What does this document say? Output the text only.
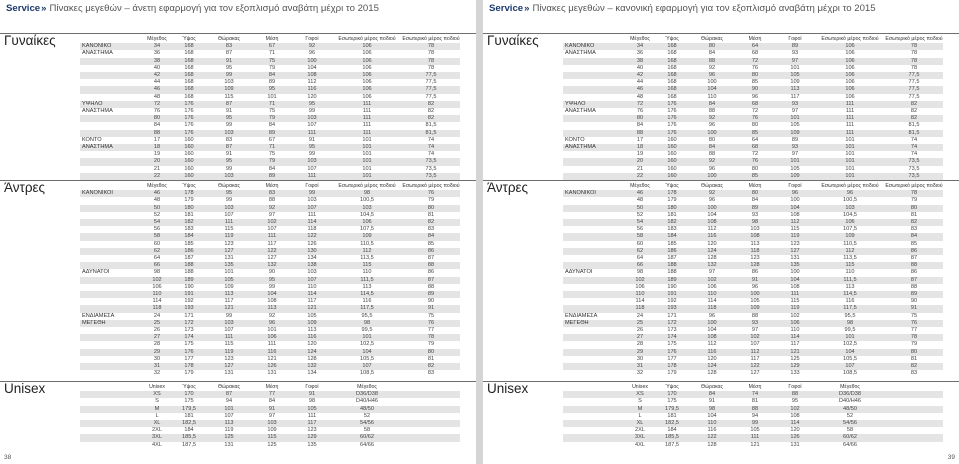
Service» Πίνακες μεγεθών – άνετη εφαρμογή για τον εξοπλισμό αναβάτη μέχρι το 2015
Γυναίκες
		Μέγεθος	Ύψος	Θώρακας	Μέση	Γοφοί	Εσωτερικό μέρος ποδιού	Εσωτερικό μέρος ποδιού
ΚΑΝΟΝΙΚΟ	34	168	83	67	92	106	78
ΑΝΑΣΤΗΜΑ	36	168	87	71	96	106	78
	38	168	91	75	100	106	78
	40	168	95	79	104	106	78
	42	168	99	84	108	106	77,5
	44	168	103	89	112	106	77,5
	46	168	109	95	116	106	77,5
	48	168	115	101	120	106	77,5
ΥΨΗΛΟ	72	176	87	71	95	111	82
ΑΝΑΣΤΗΜΑ	76	176	91	75	99	111	82
	80	176	95	79	103	111	82
	84	176	99	84	107	111	81,5
	88	176	103	89	111	111	81,5
ΚΟΝΤΟ	17	160	83	67	91	101	74
ΑΝΑΣΤΗΜΑ	18	160	87	71	95	101	74
	19	160	91	75	99	101	74
	20	160	95	79	103	101	73,5
	21	160	99	84	107	101	73,5
	22	160	103	89	111	101	73,5
Άντρες
		Μέγεθος	Ύψος	Θώρακας	Μέση	Γοφοί	Εσωτερικό μέρος ποδιού	Εσωτερικό μέρος ποδιού
ΚΑΝΟΝΙΚΟΙ	46	178	95	83	99	98	76
	48	179	99	88	103	100,5	79
	50	180	103	92	107	103	80
	52	181	107	97	111	104,5	81
	54	182	111	102	114	106	82
	56	183	115	107	118	107,5	83
	58	184	119	111	122	109	84
	60	185	123	117	126	110,5	85
	62	186	127	122	130	112	86
	64	187	131	127	134	113,5	87
	66	188	135	132	138	115	88
ΑΔΥΝΑΤΟΙ	98	188	101	90	103	110	86
	102	189	105	95	107	111,5	87
	106	190	109	99	110	113	88
	110	191	113	104	114	114,5	89
	114	192	117	108	117	116	90
	118	193	121	113	121	117,5	91
ΕΝΔΙΑΜΕΣΑ	24	171	99	92	105	95,5	75
ΜΕΓΕΘΗ	25	172	103	96	109	98	76
	26	173	107	101	113	99,5	77
	27	174	111	106	116	101	78
	28	175	115	111	120	102,5	79
	29	176	119	116	124	104	80
	30	177	123	121	128	105,5	81
	31	178	127	126	132	107	82
	32	179	131	131	134	108,5	83
Unisex
		Unisex	Ύψος	Θώρακας	Μέση	Γοφοί	Μέγεθος	
	XS	170	87	77	91	D36/D38	
	S	175	94	84	98	D40/H46	
	M	179,5	101	91	105	48/50	
	L	181	107	97	111	52	
	XL	182,5	113	103	117	54/56	
	2XL	184	119	109	123	58	
	3XL	185,5	125	115	129	60/62	
	4XL	187,5	131	125	135	64/66	
38
Service» Πίνακες μεγεθών – κανονική εφαρμογή για τον εξοπλισμό αναβάτη μέχρι το 2015
Γυναίκες
		Μέγεθος	Ύψος	Θώρακας	Μέση	Γοφοί	Εσωτερικό μέρος ποδιού	Εσωτερικό μέρος ποδιού
ΚΑΝΟΝΙΚΟ	34	168	80	64	89	106	78
ΑΝΑΣΤΗΜΑ	36	168	84	68	93	106	78
	38	168	88	72	97	106	78
	40	168	92	76	101	106	78
	42	168	96	80	105	106	77,5
	44	168	100	85	109	106	77,5
	46	168	104	90	113	106	77,5
	48	168	110	96	117	106	77,5
ΥΨΗΛΟ	72	176	84	68	93	111	82
ΑΝΑΣΤΗΜΑ	76	176	88	72	97	111	82
	80	176	92	76	101	111	82
	84	176	96	80	105	111	81,5
	88	176	100	85	109	111	81,5
ΚΟΝΤΟ	17	160	80	64	89	101	74
ΑΝΑΣΤΗΜΑ	18	160	84	68	93	101	74
	19	160	88	72	97	101	74
	20	160	92	76	101	101	73,5
	21	160	96	80	105	101	73,5
	22	160	100	85	109	101	73,5
Άντρες
		Μέγεθος	Ύψος	Θώρακας	Μέση	Γοφοί	Εσωτερικό μέρος ποδιού	Εσωτερικό μέρος ποδιού
ΚΑΝΟΝΙΚΟΙ	46	178	92	80	96	96	78
	48	179	96	84	100	100,5	79
	50	180	100	89	104	103	80
	52	181	104	93	108	104,5	81
	54	182	108	98	112	106	82
	56	183	112	103	115	107,5	83
	58	184	116	108	119	109	84
	60	185	120	113	123	110,5	85
	62	186	124	118	127	112	86
	64	187	128	123	131	113,5	87
	66	188	132	128	135	115	88
ΑΔΥΝΑΤΟΙ	98	188	97	86	100	110	86
	102	189	102	91	104	111,5	87
	106	190	106	96	108	113	88
	110	191	110	100	111	114,5	89
	114	192	114	105	115	116	90
	118	193	118	109	119	117,5	91
ΕΝΔΙΑΜΕΣΑ	24	171	96	88	102	95,5	75
ΜΕΓΕΘΗ	25	172	100	93	106	98	76
	26	173	104	97	110	99,5	77
	27	174	108	102	114	101	78
	28	175	112	107	117	102,5	79
	29	176	116	112	121	104	80
	30	177	120	117	125	105,5	81
	31	178	124	122	129	107	82
	32	179	128	127	133	108,5	83
Unisex
		Unisex	Ύψος	Θώρακας	Μέση	Γοφοί	Μέγεθος	
	XS	170	84	74	88	D36/D38	
	S	175	91	81	95	D40/H46	
	M	179,5	98	88	102	48/50	
	L	181	104	94	108	52	
	XL	182,5	110	99	114	54/56	
	2XL	184	116	105	120	58	
	3XL	185,5	122	111	126	60/62	
	4XL	187,5	128	121	131	64/66	
39
